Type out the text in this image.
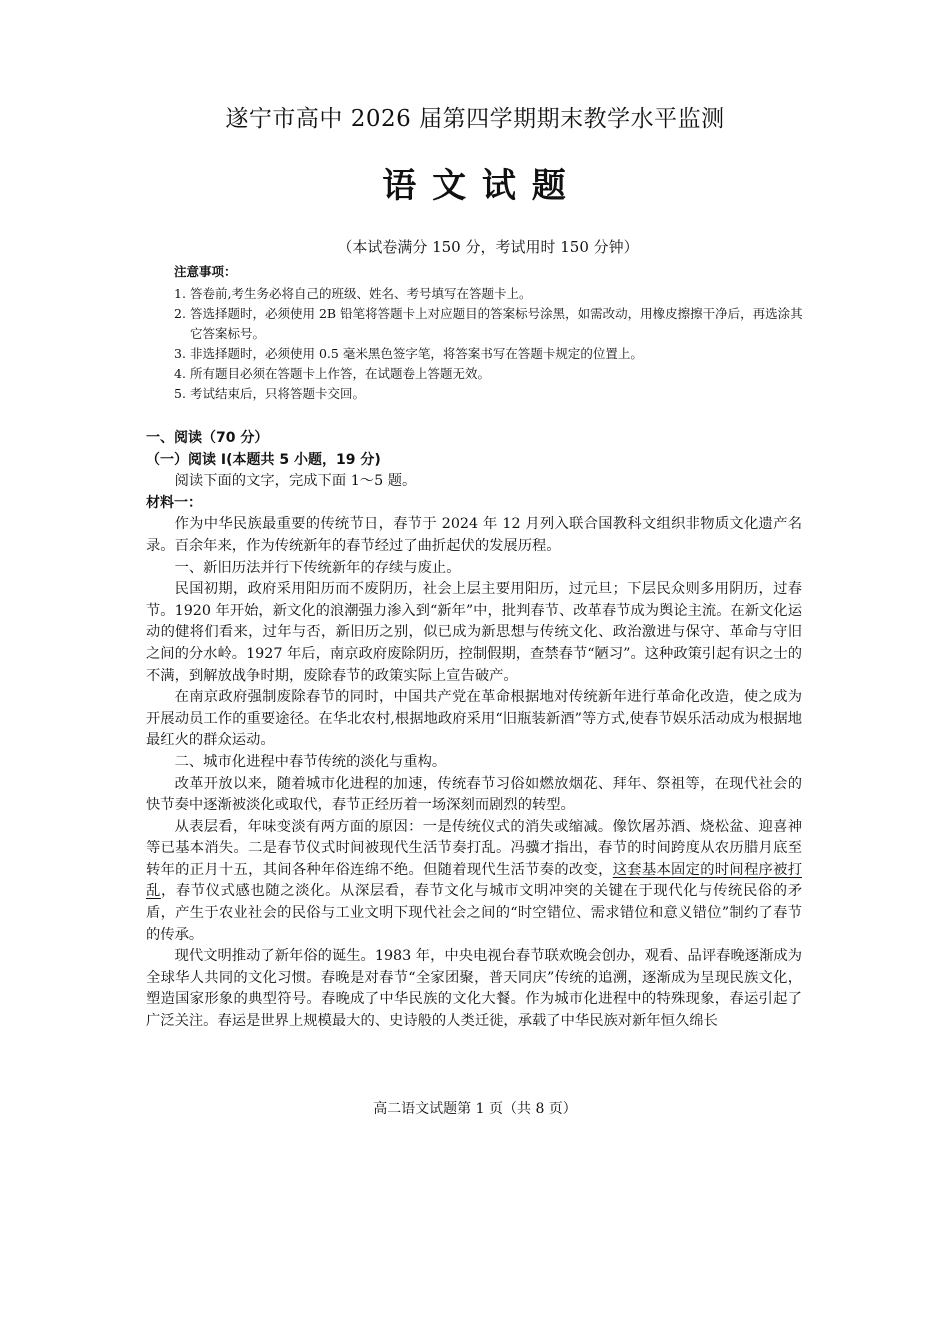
遂宁市高中 2026 届第四学期期末教学水平监测
语 文 试 题
（本试卷满分 150 分，考试用时 150 分钟）
注意事项：
1. 答卷前,考生务必将自己的班级、姓名、考号填写在答题卡上。
2. 答选择题时，必须使用 2B 铅笔将答题卡上对应题目的答案标号涂黑，如需改动，用橡皮擦擦干净后，再选涂其它答案标号。
3. 非选择题时，必须使用 0.5 毫米黑色签字笔，将答案书写在答题卡规定的位置上。
4. 所有题目必须在答题卡上作答，在试题卷上答题无效。
5. 考试结束后，只将答题卡交回。
一、阅读（70 分）
（一）阅读 I(本题共 5 小题，19 分)

阅读下面的文字，完成下面 1～5 题。

材料一：

作为中华民族最重要的传统节日，春节于 2024 年 12 月列入联合国教科文组织非物质文化遗产名录。百余年来，作为传统新年的春节经过了曲折起伏的发展历程。

一、新旧历法并行下传统新年的存续与废止。

民国初期，政府采用阳历而不废阴历，社会上层主要用阳历，过元旦；下层民众则多用阴历，过春节。1920 年开始，新文化的浪潮强力渗入到“新年”中，批判春节、改革春节成为舆论主流。在新文化运动的健将们看来，过年与否，新旧历之别，似已成为新思想与传统文化、政治激进与保守、革命与守旧之间的分水岭。1927 年后，南京政府废除阴历，控制假期，查禁春节“陋习”。这种政策引起有识之士的不满，到解放战争时期，废除春节的政策实际上宣告破产。

在南京政府强制废除春节的同时，中国共产党在革命根据地对传统新年进行革命化改造，使之成为开展动员工作的重要途径。在华北农村,根据地政府采用“旧瓶装新酒”等方式,使春节娱乐活动成为根据地最红火的群众运动。

二、城市化进程中春节传统的淡化与重构。

改革开放以来，随着城市化进程的加速，传统春节习俗如燃放烟花、拜年、祭祖等，在现代社会的快节奏中逐渐被淡化或取代，春节正经历着一场深刻而剧烈的转型。

从表层看，年味变淡有两方面的原因：一是传统仪式的消失或缩减。像饮屠苏酒、烧松盆、迎喜神等已基本消失。二是春节仪式时间被现代生活节奏打乱。冯骥才指出，春节的时间跨度从农历腊月底至转年的正月十五，其间各种年俗连绵不绝。但随着现代生活节奏的改变，这套基本固定的时间程序被打乱，春节仪式感也随之淡化。从深层看，春节文化与城市文明冲突的关键在于现代化与传统民俗的矛盾，产生于农业社会的民俗与工业文明下现代社会之间的“时空错位、需求错位和意义错位”制约了春节的传承。

现代文明推动了新年俗的诞生。1983 年，中央电视台春节联欢晚会创办，观看、品评春晚逐渐成为全球华人共同的文化习惯。春晚是对春节“全家团聚，普天同庆”传统的追溯，逐渐成为呈现民族文化，塑造国家形象的典型符号。春晚成了中华民族的文化大餐。作为城市化进程中的特殊现象，春运引起了广泛关注。春运是世界上规模最大的、史诗般的人类迁徙，承载了中华民族对新年恒久绵长

高二语文试题第 1 页（共 8 页）
